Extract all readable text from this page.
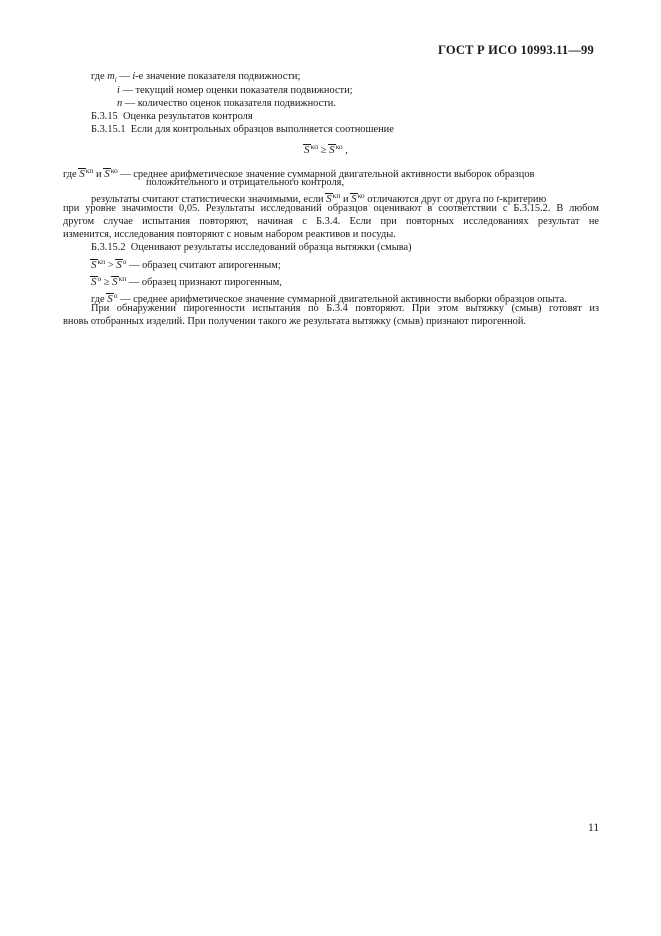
ГОСТ Р ИСО 10993.11—99
где $m_i$ — i-е значение показателя подвижности;
i — текущий номер оценки показателя подвижности;
n — количество оценок показателя подвижности.
Б.3.15 Оценка результатов контроля
Б.3.15.1 Если для контрольных образцов выполняется соотношение
$S^{кп} \ge S^{ко}$ ,
где $S^{кп}$ и $S^{ко}$ — среднее арифметическое значение суммарной двигательной активности выборок образцов
положительного и отрицательного контроля,
результаты считают статистически значимыми, если $S^{кп}$ и $S^{ко}$ отличаются друг от друга по t-критерию
при уровне значимости 0,05. Результаты исследований образцов оценивают в соответствии с Б.3.15.2. В любом
другом случае испытания повторяют, начиная с Б.3.4. Если при повторных исследованиях результат не
изменится, исследования повторяют с новым набором реактивов и посуды.
Б.3.15.2 Оценивают результаты исследований образца вытяжки (смыва)
$S^{кп} > S^о$ — образец считают апирогенным;
$S^о \ge S^{кп}$ — образец признают пирогенным,
где $S^о$ — среднее арифметическое значение суммарной двигательной активности выборки образцов опыта.
При обнаружении пирогенности испытания по Б.3.4 повторяют. При этом вытяжку (смыв) готовят из
вновь отобранных изделий. При получении такого же результата вытяжку (смыв) признают пирогенной.
11
